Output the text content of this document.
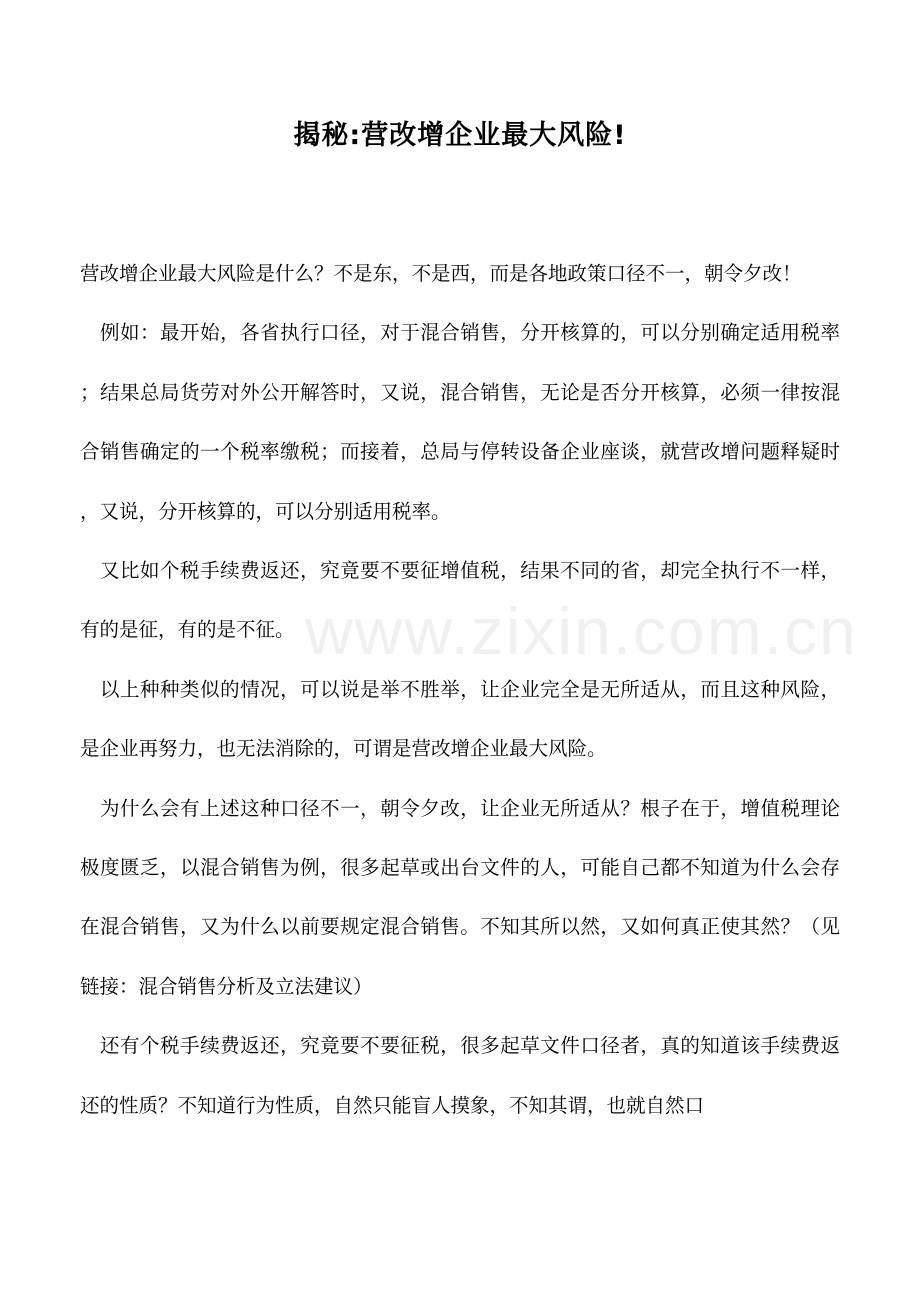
www.zixin.com.cn
揭秘:营改增企业最大风险!

营改增企业最大风险是什么？不是东，不是西，而是各地政策口径不一，朝令夕改！

例如：最开始，各省执行口径，对于混合销售，分开核算的，可以分别确定适用税率；结果总局货劳对外公开解答时，又说，混合销售，无论是否分开核算，必须一律按混合销售确定的一个税率缴税；而接着，总局与停转设备企业座谈，就营改增问题释疑时，又说，分开核算的，可以分别适用税率。

又比如个税手续费返还，究竟要不要征增值税，结果不同的省，却完全执行不一样，有的是征，有的是不征。

以上种种类似的情况，可以说是举不胜举，让企业完全是无所适从，而且这种风险，是企业再努力，也无法消除的，可谓是营改增企业最大风险。

为什么会有上述这种口径不一，朝令夕改，让企业无所适从？根子在于，增值税理论极度匮乏，以混合销售为例，很多起草或出台文件的人，可能自己都不知道为什么会存在混合销售，又为什么以前要规定混合销售。不知其所以然，又如何真正使其然？（见链接：混合销售分析及立法建议）

还有个税手续费返还，究竟要不要征税，很多起草文件口径者，真的知道该手续费返还的性质？不知道行为性质，自然只能盲人摸象，不知其谓，也就自然口
